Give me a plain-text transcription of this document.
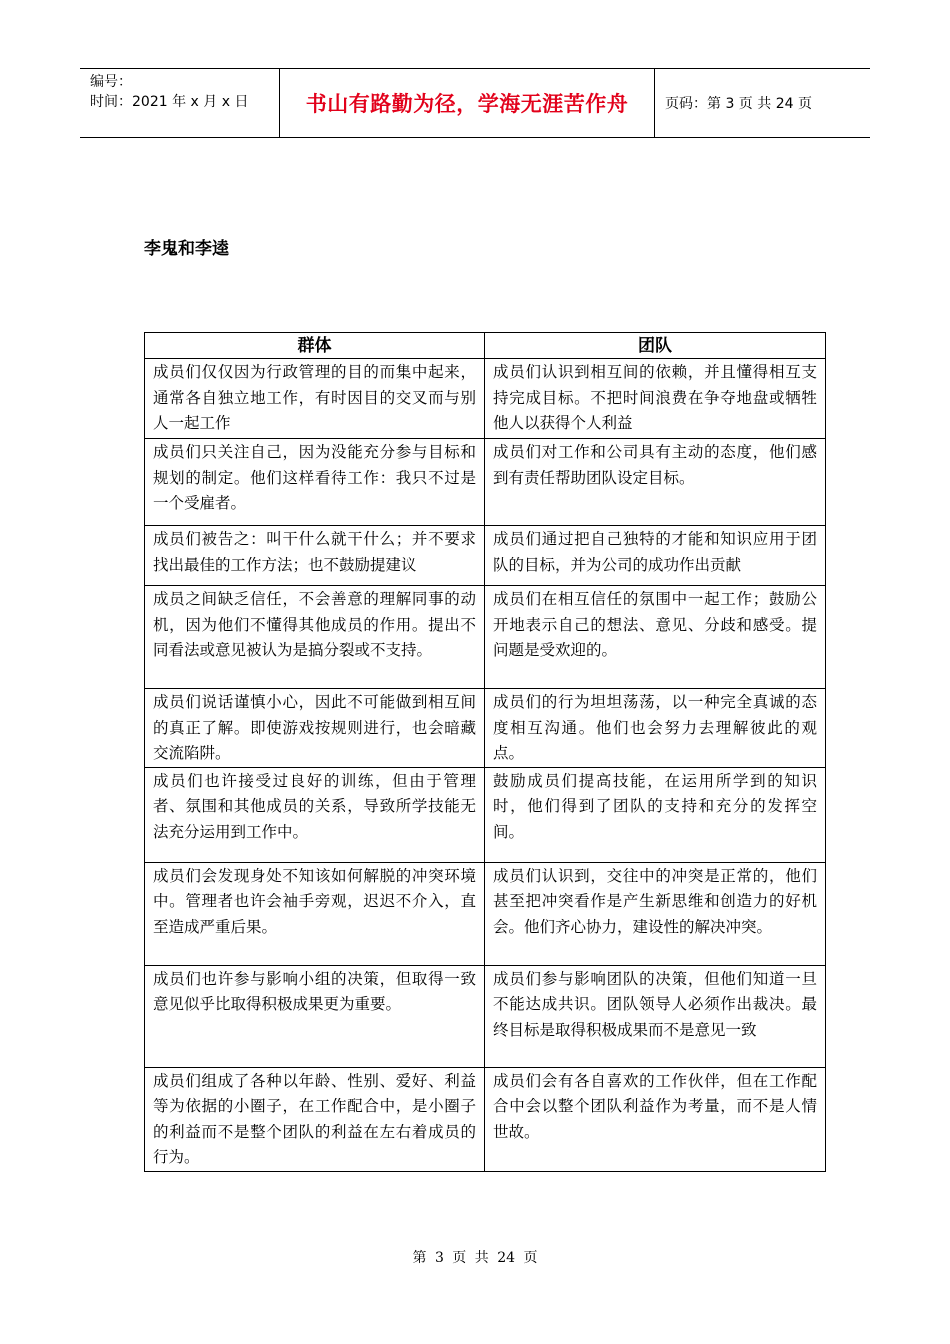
编号：
时间：2021 年 x 月 x 日	书山有路勤为径，学海无涯苦作舟	页码：第 3 页 共 24 页
李鬼和李逵
群体	团队
成员们仅仅因为行政管理的目的而集中起来，通常各自独立地工作，有时因目的交叉而与别人一起工作	成员们认识到相互间的依赖，并且懂得相互支持完成目标。不把时间浪费在争夺地盘或牺牲他人以获得个人利益
成员们只关注自己，因为没能充分参与目标和规划的制定。他们这样看待工作：我只不过是一个受雇者。	成员们对工作和公司具有主动的态度，他们感到有责任帮助团队设定目标。
成员们被告之：叫干什么就干什么；并不要求找出最佳的工作方法；也不鼓励提建议	成员们通过把自己独特的才能和知识应用于团队的目标，并为公司的成功作出贡献
成员之间缺乏信任，不会善意的理解同事的动机，因为他们不懂得其他成员的作用。提出不同看法或意见被认为是搞分裂或不支持。	成员们在相互信任的氛围中一起工作；鼓励公开地表示自己的想法、意见、分歧和感受。提问题是受欢迎的。
成员们说话谨慎小心，因此不可能做到相互间的真正了解。即使游戏按规则进行，也会暗藏交流陷阱。	成员们的行为坦坦荡荡，以一种完全真诚的态度相互沟通。他们也会努力去理解彼此的观点。
成员们也许接受过良好的训练，但由于管理者、氛围和其他成员的关系，导致所学技能无法充分运用到工作中。	鼓励成员们提高技能，在运用所学到的知识时，他们得到了团队的支持和充分的发挥空间。
成员们会发现身处不知该如何解脱的冲突环境中。管理者也许会袖手旁观，迟迟不介入，直至造成严重后果。	成员们认识到，交往中的冲突是正常的，他们甚至把冲突看作是产生新思维和创造力的好机会。他们齐心协力，建设性的解决冲突。
成员们也许参与影响小组的决策，但取得一致意见似乎比取得积极成果更为重要。	成员们参与影响团队的决策，但他们知道一旦不能达成共识。团队领导人必须作出裁决。最终目标是取得积极成果而不是意见一致
成员们组成了各种以年龄、性别、爱好、利益等为依据的小圈子，在工作配合中，是小圈子的利益而不是整个团队的利益在左右着成员的行为。	成员们会有各自喜欢的工作伙伴，但在工作配合中会以整个团队利益作为考量，而不是人情世故。
第 3 页 共 24 页
